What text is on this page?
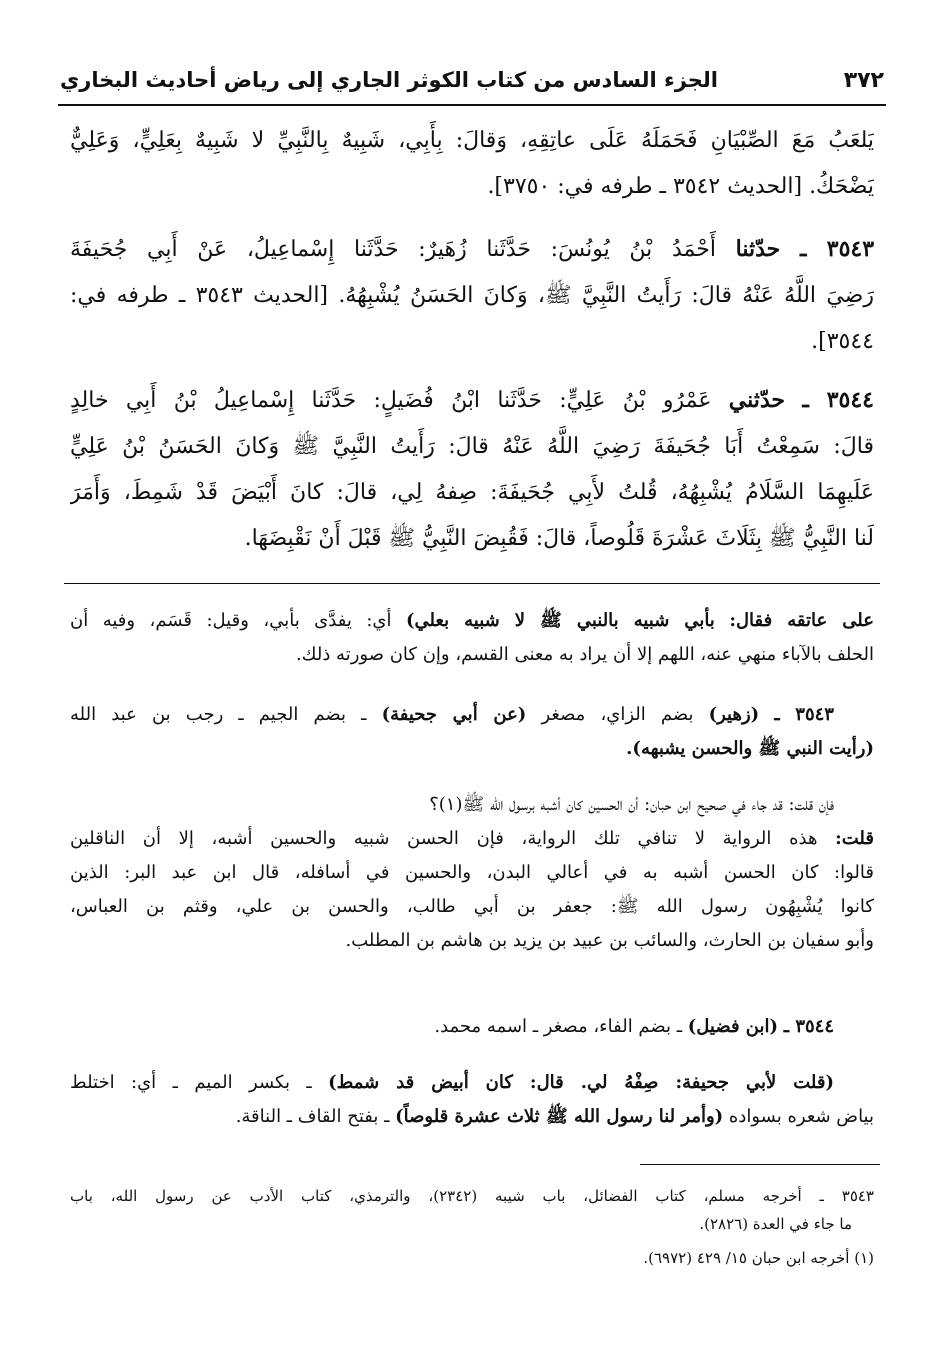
٣٧٢
الجزء السادس من كتاب الكوثر الجاري إلى رياض أحاديث البخاري
يَلعَبُ مَعَ الصِّبْيَانِ فَحَمَلَهُ عَلَى عاتِقِهِ، وَقالَ: بِأَبِي، شَبِيهٌ بِالنَّبِيِّ لا شَبِيهٌ بِعَلِيٍّ، وَعَلِيٌّ
يَضْحَكُ. [الحديث ٣٥٤٢ ـ طرفه في: ٣٧٥٠].
٣٥٤٣ ـ حدّثنا أَحْمَدُ بْنُ يُونُسَ: حَدَّثَنا زُهَيرٌ: حَدَّثَنا إِسْماعِيلُ، عَنْ أَبِي جُحَيفَةَ
رَضِيَ اللَّهُ عَنْهُ قالَ: رَأَيتُ النَّبِيَّ ﷺ، وَكانَ الحَسَنُ يُشْبِهُهُ. [الحديث ٣٥٤٣ ـ طرفه في:
٣٥٤٤].
٣٥٤٤ ـ حدّثني عَمْرُو بْنُ عَلِيٍّ: حَدَّثَنا ابْنُ فُضَيلٍ: حَدَّثَنا إِسْماعِيلُ بْنُ أَبِي خالِدٍ
قالَ: سَمِعْتُ أَبَا جُحَيفَةَ رَضِيَ اللَّهُ عَنْهُ قالَ: رَأَيتُ النَّبِيَّ ﷺ وَكانَ الحَسَنُ بْنُ عَلِيٍّ
عَلَيهِمَا السَّلَامُ يُشْبِهُهُ، قُلتُ لأَبِي جُحَيفَةَ: صِفهُ لِي، قالَ: كانَ أَبْيَضَ قَدْ شَمِطَ، وَأَمَرَ
لَنا النَّبِيُّ ﷺ بِثَلَاثَ عَشْرَةَ قَلُوصاً، قالَ: فَقُبِضَ النَّبِيُّ ﷺ قَبْلَ أَنْ نَقْبِضَهَا.
على عاتقه فقال: بأبي شبيه بالنبي ﷺ لا شبيه بعلي) أي: يفدَّى بأبي، وقيل: قَسَم، وفيه أن
الحلف بالآباء منهي عنه، اللهم إلا أن يراد به معنى القسم، وإن كان صورته ذلك.
٣٥٤٣ ـ (زهير) بضم الزاي، مصغر (عن أبي جحيفة) ـ بضم الجيم ـ رجب بن عبد الله
(رأيت النبي ﷺ والحسن يشبهه).
فإن قلت: قد جاء في صحيح ابن حبان: أن الحسين كان أشبه برسول الله ﷺ(١)؟
قلت: هذه الرواية لا تنافي تلك الرواية، فإن الحسن شبيه والحسين أشبه، إلا أن الناقلين
قالوا: كان الحسن أشبه به في أعالي البدن، والحسين في أسافله، قال ابن عبد البر: الذين
كانوا يُشْبِهُون رسول الله ﷺ: جعفر بن أبي طالب، والحسن بن علي، وقثم بن العباس،
وأبو سفيان بن الحارث، والسائب بن عبيد بن يزيد بن هاشم بن المطلب.
٣٥٤٤ ـ (ابن فضيل) ـ بضم الفاء، مصغر ـ اسمه محمد.
(قلت لأبي جحيفة: صِفْهُ لي. قال: كان أبيض قد شمط) ـ بكسر الميم ـ أي: اختلط
بياض شعره بسواده (وأمر لنا رسول الله ﷺ ثلاث عشرة قلوصاً) ـ بفتح القاف ـ الناقة.
٣٥٤٣ ـ أخرجه مسلم، كتاب الفضائل، باب شيبه (٢٣٤٢)، والترمذي، كتاب الأدب عن رسول الله، باب
ما جاء في العدة (٢٨٢٦).
(١) أخرجه ابن حبان ١٥/ ٤٢٩ (٦٩٧٢).
